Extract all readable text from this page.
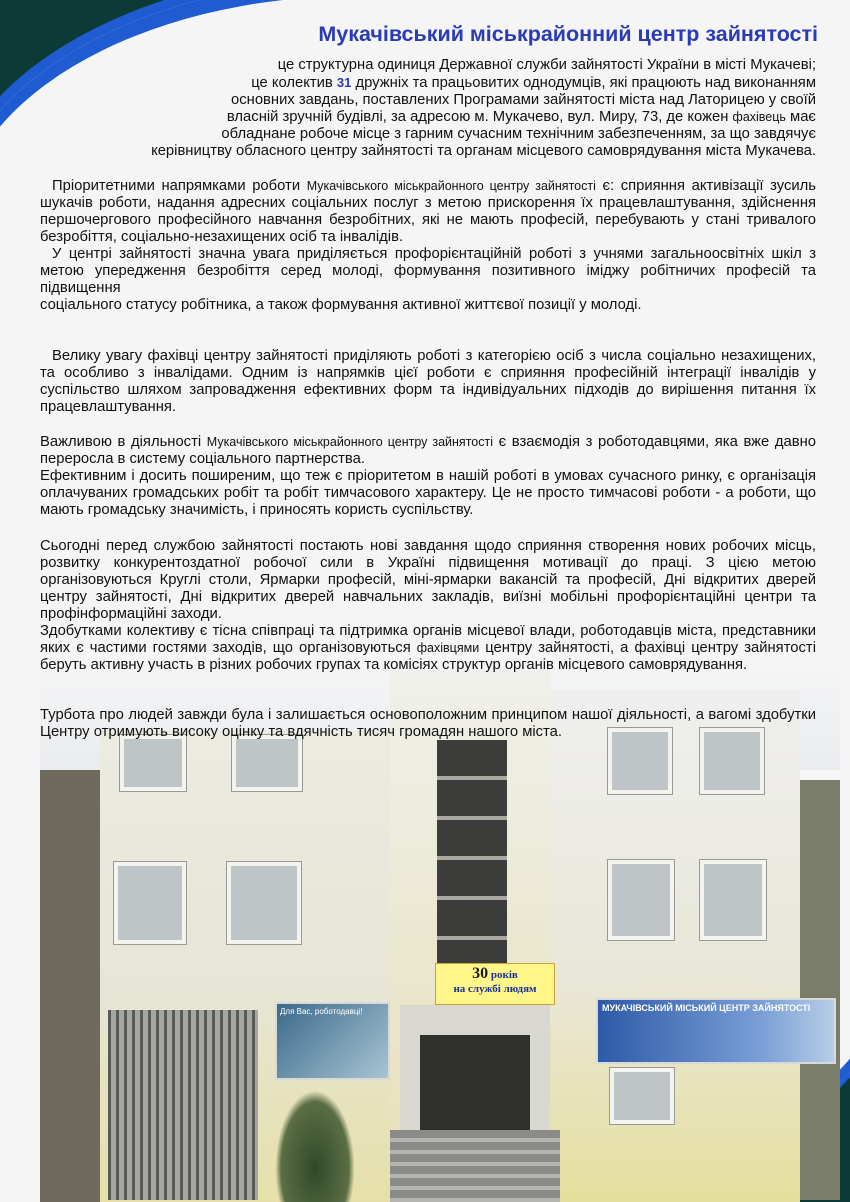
30 років
на службі людям
Для Вас, роботодавці!	МУКАЧІВСЬКИЙ МІСЬКИЙ ЦЕНТР ЗАЙНЯТОСТІ
Мукачівський міськрайонний центр зайнятості

це структурна одиниця Державної служби зайнятості України в місті Мукачеві;

це колектив 31 дружніх та працьовитих однодумців, які працюють над виконанням

основних завдань, поставлених Програмами зайнятості міста над Латорицею у своїй

власній зручній будівлі, за адресою м. Мукачево, вул. Миру, 73, де кожен фахівець має

обладнане робоче місце з гарним сучасним технічним забезпеченням, за що завдячує

керівництву обласного центру зайнятості та органам місцевого самоврядування міста Мукачева.

Пріоритетними напрямками роботи Мукачівського міськрайонного центру зайнятості є: сприяння активізації зусиль шукачів роботи, надання адресних соціальних послуг з метою прискорення їх працевлаштування, здійснення першочергового професійного навчання безробітних, які не мають професій, перебувають у стані тривалого безробіття, соціально-незахищених осіб та інвалідів.

У центрі зайнятості значна увага приділяється профорієнтаційній роботі з учнями загальноосвітніх шкіл з метою упередження безробіття серед молоді, формування позитивного іміджу робітничих професій та підвищення

соціального статусу робітника, а також формування активної життєвої позиції у молоді.

Велику увагу фахівці центру зайнятості приділяють роботі з категорією осіб з числа соціально незахищених, та особливо з інвалідами. Одним із напрямків цієї роботи є сприяння професійній інтеграції інвалідів у суспільство шляхом запровадження ефективних форм та індивідуальних підходів до вирішення питання їх працевлаштування.

Важливою в діяльності Мукачівського міськрайонного центру зайнятості є взаємодія з роботодавцями, яка вже давно переросла в систему соціального партнерства.

Ефективним і досить поширеним, що теж є пріоритетом в нашій роботі в умовах сучасного ринку, є організація оплачуваних громадських робіт та робіт тимчасового характеру. Це не просто тимчасові роботи - а роботи, що мають громадську значимість, і приносять користь суспільству.

Сьогодні перед службою зайнятості постають нові завдання щодо сприяння створення нових робочих місць, розвитку конкурентоздатної робочої сили в Україні підвищення мотивації до праці. З цією метою організовуються Круглі столи, Ярмарки професій, міні-ярмарки вакансій та професій, Дні відкритих дверей центру зайнятості, Дні відкритих дверей навчальних закладів, виїзні мобільні профорієнтаційні центри та профінформаційні заходи.

Здобутками колективу є тісна співпраці та підтримка органів місцевої влади, роботодавців міста, представники яких є частими гостями заходів, що організовуються фахівцями центру зайнятості, а фахівці центру зайнятості беруть активну участь в різних робочих групах та комісіях структур органів місцевого самоврядування.

Турбота про людей завжди була і залишається основоположним принципом нашої діяльності, а вагомі здобутки Центру отримують високу оцінку та вдячність тисяч громадян нашого міста.
